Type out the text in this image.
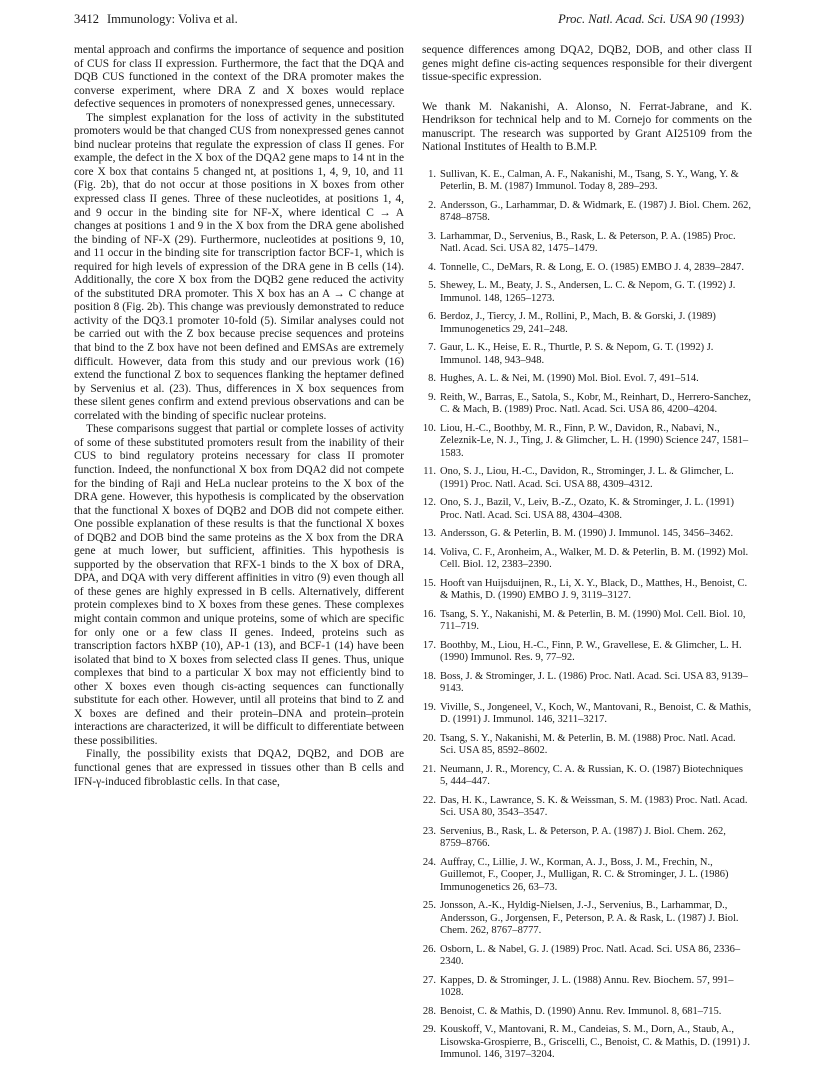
3412 Immunology: Voliva et al.	Proc. Natl. Acad. Sci. USA 90 (1993)

mental approach and confirms the importance of sequence and position of CUS for class II expression. Furthermore, the fact that the DQA and DQB CUS functioned in the context of the DRA promoter makes the converse experiment, where DRA Z and X boxes would replace defective sequences in promoters of nonexpressed genes, unnecessary.

The simplest explanation for the loss of activity in the substituted promoters would be that changed CUS from nonexpressed genes cannot bind nuclear proteins that regulate the expression of class II genes. For example, the defect in the X box of the DQA2 gene maps to 14 nt in the core X box that contains 5 changed nt, at positions 1, 4, 9, 10, and 11 (Fig. 2b), that do not occur at those positions in X boxes from other expressed class II genes. Three of these nucleotides, at positions 1, 4, and 9 occur in the binding site for NF-X, where identical C → A changes at positions 1 and 9 in the X box from the DRA gene abolished the binding of NF-X (29). Furthermore, nucleotides at positions 9, 10, and 11 occur in the binding site for transcription factor BCF-1, which is required for high levels of expression of the DRA gene in B cells (14). Additionally, the core X box from the DQB2 gene reduced the activity of the substituted DRA promoter. This X box has an A → C change at position 8 (Fig. 2b). This change was previously demonstrated to reduce activity of the DQ3.1 promoter 10-fold (5). Similar analyses could not be carried out with the Z box because precise sequences and proteins that bind to the Z box have not been defined and EMSAs are extremely difficult. However, data from this study and our previous work (16) extend the functional Z box to sequences flanking the heptamer defined by Servenius et al. (23). Thus, differences in X box sequences from these silent genes confirm and extend previous observations and can be correlated with the binding of specific nuclear proteins.

These comparisons suggest that partial or complete losses of activity of some of these substituted promoters result from the inability of their CUS to bind regulatory proteins necessary for class II promoter function. Indeed, the nonfunctional X box from DQA2 did not compete for the binding of Raji and HeLa nuclear proteins to the X box of the DRA gene. However, this hypothesis is complicated by the observation that the functional X boxes of DQB2 and DOB did not compete either. One possible explanation of these results is that the functional X boxes of DQB2 and DOB bind the same proteins as the X box from the DRA gene at much lower, but sufficient, affinities. This hypothesis is supported by the observation that RFX-1 binds to the X box of DRA, DPA, and DQA with very different affinities in vitro (9) even though all of these genes are highly expressed in B cells. Alternatively, different protein complexes bind to X boxes from these genes. These complexes might contain common and unique proteins, some of which are specific for only one or a few class II genes. Indeed, proteins such as transcription factors hXBP (10), AP-1 (13), and BCF-1 (14) have been isolated that bind to X boxes from selected class II genes. Thus, unique complexes that bind to a particular X box may not efficiently bind to other X boxes even though cis-acting sequences can functionally substitute for each other. However, until all proteins that bind to Z and X boxes are defined and their protein–DNA and protein–protein interactions are characterized, it will be difficult to differentiate between these possibilities.

Finally, the possibility exists that DQA2, DQB2, and DOB are functional genes that are expressed in tissues other than B cells and IFN-γ-induced fibroblastic cells. In that case,

sequence differences among DQA2, DQB2, DOB, and other class II genes might define cis-acting sequences responsible for their divergent tissue-specific expression.

We thank M. Nakanishi, A. Alonso, N. Ferrat-Jabrane, and K. Hendrikson for technical help and to M. Cornejo for comments on the manuscript. The research was supported by Grant AI25109 from the National Institutes of Health to B.M.P.

1. Sullivan, K. E., Calman, A. F., Nakanishi, M., Tsang, S. Y., Wang, Y. & Peterlin, B. M. (1987) Immunol. Today 8, 289–293.
2. Andersson, G., Larhammar, D. & Widmark, E. (1987) J. Biol. Chem. 262, 8748–8758.
3. Larhammar, D., Servenius, B., Rask, L. & Peterson, P. A. (1985) Proc. Natl. Acad. Sci. USA 82, 1475–1479.
4. Tonnelle, C., DeMars, R. & Long, E. O. (1985) EMBO J. 4, 2839–2847.
5. Shewey, L. M., Beaty, J. S., Andersen, L. C. & Nepom, G. T. (1992) J. Immunol. 148, 1265–1273.
6. Berdoz, J., Tiercy, J. M., Rollini, P., Mach, B. & Gorski, J. (1989) Immunogenetics 29, 241–248.
7. Gaur, L. K., Heise, E. R., Thurtle, P. S. & Nepom, G. T. (1992) J. Immunol. 148, 943–948.
8. Hughes, A. L. & Nei, M. (1990) Mol. Biol. Evol. 7, 491–514.
9. Reith, W., Barras, E., Satola, S., Kobr, M., Reinhart, D., Herrero-Sanchez, C. & Mach, B. (1989) Proc. Natl. Acad. Sci. USA 86, 4200–4204.
10. Liou, H.-C., Boothby, M. R., Finn, P. W., Davidon, R., Nabavi, N., Zeleznik-Le, N. J., Ting, J. & Glimcher, L. H. (1990) Science 247, 1581–1583.
11. Ono, S. J., Liou, H.-C., Davidon, R., Strominger, J. L. & Glimcher, L. (1991) Proc. Natl. Acad. Sci. USA 88, 4309–4312.
12. Ono, S. J., Bazil, V., Leiv, B.-Z., Ozato, K. & Strominger, J. L. (1991) Proc. Natl. Acad. Sci. USA 88, 4304–4308.
13. Andersson, G. & Peterlin, B. M. (1990) J. Immunol. 145, 3456–3462.
14. Voliva, C. F., Aronheim, A., Walker, M. D. & Peterlin, B. M. (1992) Mol. Cell. Biol. 12, 2383–2390.
15. Hooft van Huijsduijnen, R., Li, X. Y., Black, D., Matthes, H., Benoist, C. & Mathis, D. (1990) EMBO J. 9, 3119–3127.
16. Tsang, S. Y., Nakanishi, M. & Peterlin, B. M. (1990) Mol. Cell. Biol. 10, 711–719.
17. Boothby, M., Liou, H.-C., Finn, P. W., Gravellese, E. & Glimcher, L. H. (1990) Immunol. Res. 9, 77–92.
18. Boss, J. & Strominger, J. L. (1986) Proc. Natl. Acad. Sci. USA 83, 9139–9143.
19. Viville, S., Jongeneel, V., Koch, W., Mantovani, R., Benoist, C. & Mathis, D. (1991) J. Immunol. 146, 3211–3217.
20. Tsang, S. Y., Nakanishi, M. & Peterlin, B. M. (1988) Proc. Natl. Acad. Sci. USA 85, 8592–8602.
21. Neumann, J. R., Morency, C. A. & Russian, K. O. (1987) Biotechniques 5, 444–447.
22. Das, H. K., Lawrance, S. K. & Weissman, S. M. (1983) Proc. Natl. Acad. Sci. USA 80, 3543–3547.
23. Servenius, B., Rask, L. & Peterson, P. A. (1987) J. Biol. Chem. 262, 8759–8766.
24. Auffray, C., Lillie, J. W., Korman, A. J., Boss, J. M., Frechin, N., Guillemot, F., Cooper, J., Mulligan, R. C. & Strominger, J. L. (1986) Immunogenetics 26, 63–73.
25. Jonsson, A.-K., Hyldig-Nielsen, J.-J., Servenius, B., Larhammar, D., Andersson, G., Jorgensen, F., Peterson, P. A. & Rask, L. (1987) J. Biol. Chem. 262, 8767–8777.
26. Osborn, L. & Nabel, G. J. (1989) Proc. Natl. Acad. Sci. USA 86, 2336–2340.
27. Kappes, D. & Strominger, J. L. (1988) Annu. Rev. Biochem. 57, 991–1028.
28. Benoist, C. & Mathis, D. (1990) Annu. Rev. Immunol. 8, 681–715.
29. Kouskoff, V., Mantovani, R. M., Candeias, S. M., Dorn, A., Staub, A., Lisowska-Grospierre, B., Griscelli, C., Benoist, C. & Mathis, D. (1991) J. Immunol. 146, 3197–3204.
